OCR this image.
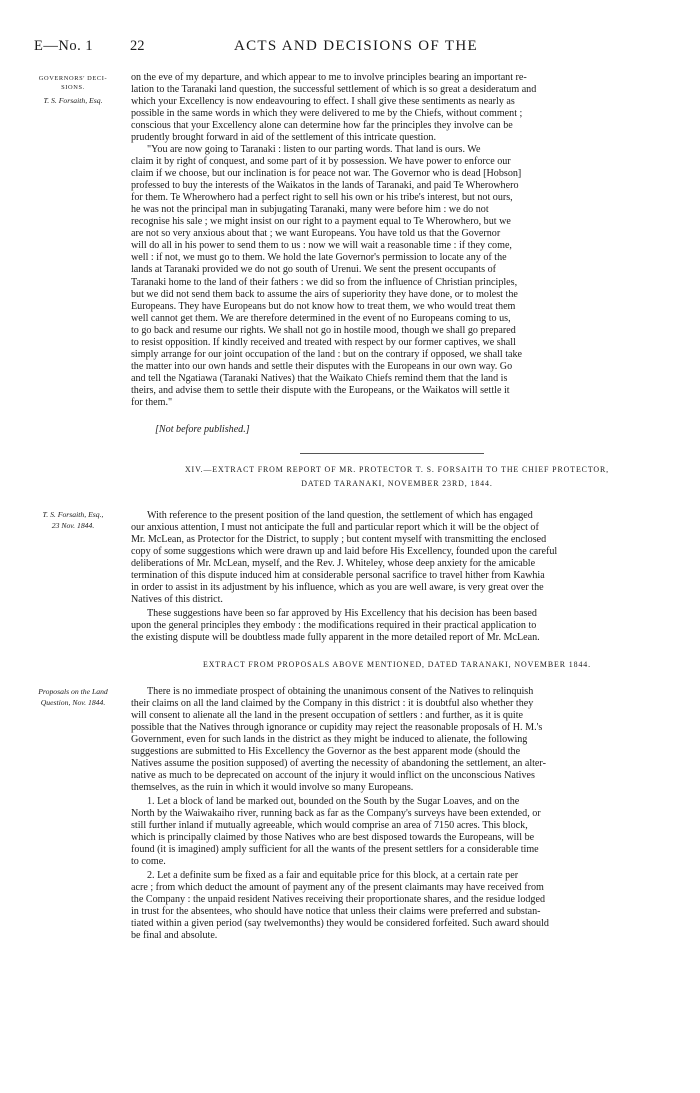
E—No. 1	22	ACTS AND DECISIONS OF THE
GOVERNORS' DECI-
SIONS.
T. S. Forsaith, Esq.
T. S. Forsaith, Esq.,
23 Nov. 1844.
Proposals on the Land
Question, Nov. 1844.
on the eve of my departure, and which appear to me to involve principles bearing an important re-
lation to the Taranaki land question, the successful settlement of which is so great a desideratum and
which your Excellency is now endeavouring to effect. I shall give these sentiments as nearly as
possible in the same words in which they were delivered to me by the Chiefs, without comment ;
conscious that your Excellency alone can determine how far the principles they involve can be
prudently brought forward in aid of the settlement of this intricate question.
"You are now going to Taranaki : listen to our parting words. That land is ours. We
claim it by right of conquest, and some part of it by possession. We have power to enforce our
claim if we choose, but our inclination is for peace not war. The Governor who is dead [Hobson]
professed to buy the interests of the Waikatos in the lands of Taranaki, and paid Te Wherowhero
for them. Te Wherowhero had a perfect right to sell his own or his tribe's interest, but not ours,
he was not the principal man in subjugating Taranaki, many were before him : we do not
recognise his sale ; we might insist on our right to a payment equal to Te Wherowhero, but we
are not so very anxious about that ; we want Europeans. You have told us that the Governor
will do all in his power to send them to us : now we will wait a reasonable time : if they come,
well : if not, we must go to them. We hold the late Governor's permission to locate any of the
lands at Taranaki provided we do not go south of Urenui. We sent the present occupants of
Taranaki home to the land of their fathers : we did so from the influence of Christian principles,
but we did not send them back to assume the airs of superiority they have done, or to molest the
Europeans. They have Europeans but do not know how to treat them, we who would treat them
well cannot get them. We are therefore determined in the event of no Europeans coming to us,
to go back and resume our rights. We shall not go in hostile mood, though we shall go prepared
to resist opposition. If kindly received and treated with respect by our former captives, we shall
simply arrange for our joint occupation of the land : but on the contrary if opposed, we shall take
the matter into our own hands and settle their disputes with the Europeans in our own way. Go
and tell the Ngatiawa (Taranaki Natives) that the Waikato Chiefs remind them that the land is
theirs, and advise them to settle their dispute with the Europeans, or the Waikatos will settle it
for them."
[Not before published.]
XIV.—EXTRACT FROM REPORT OF MR. PROTECTOR T. S. FORSAITH TO THE CHIEF PROTECTOR,
DATED TARANAKI, NOVEMBER 23RD, 1844.
With reference to the present position of the land question, the settlement of which has engaged
our anxious attention, I must not anticipate the full and particular report which it will be the object of
Mr. McLean, as Protector for the District, to supply ; but content myself with transmitting the enclosed
copy of some suggestions which were drawn up and laid before His Excellency, founded upon the careful
deliberations of Mr. McLean, myself, and the Rev. J. Whiteley, whose deep anxiety for the amicable
termination of this dispute induced him at considerable personal sacrifice to travel hither from Kawhia
in order to assist in its adjustment by his influence, which as you are well aware, is very great over the
Natives of this district.
These suggestions have been so far approved by His Excellency that his decision has been based
upon the general principles they embody : the modifications required in their practical application to
the existing dispute will be doubtless made fully apparent in the more detailed report of Mr. McLean.
EXTRACT FROM PROPOSALS ABOVE MENTIONED, DATED TARANAKI, NOVEMBER 1844.
There is no immediate prospect of obtaining the unanimous consent of the Natives to relinquish
their claims on all the land claimed by the Company in this district : it is doubtful also whether they
will consent to alienate all the land in the present occupation of settlers : and further, as it is quite
possible that the Natives through ignorance or cupidity may reject the reasonable proposals of H. M.'s
Government, even for such lands in the district as they might be induced to alienate, the following
suggestions are submitted to His Excellency the Governor as the best apparent mode (should the
Natives assume the position supposed) of averting the necessity of abandoning the settlement, an alter-
native as much to be deprecated on account of the injury it would inflict on the unconscious Natives
themselves, as the ruin in which it would involve so many Europeans.
1. Let a block of land be marked out, bounded on the South by the Sugar Loaves, and on the
North by the Waiwakaiho river, running back as far as the Company's surveys have been extended, or
still further inland if mutually agreeable, which would comprise an area of 7150 acres. This block,
which is principally claimed by those Natives who are best disposed towards the Europeans, will be
found (it is imagined) amply sufficient for all the wants of the present settlers for a considerable time
to come.
2. Let a definite sum be fixed as a fair and equitable price for this block, at a certain rate per
acre ; from which deduct the amount of payment any of the present claimants may have received from
the Company : the unpaid resident Natives receiving their proportionate shares, and the residue lodged
in trust for the absentees, who should have notice that unless their claims were preferred and substan-
tiated within a given period (say twelvemonths) they would be considered forfeited. Such award should
be final and absolute.
